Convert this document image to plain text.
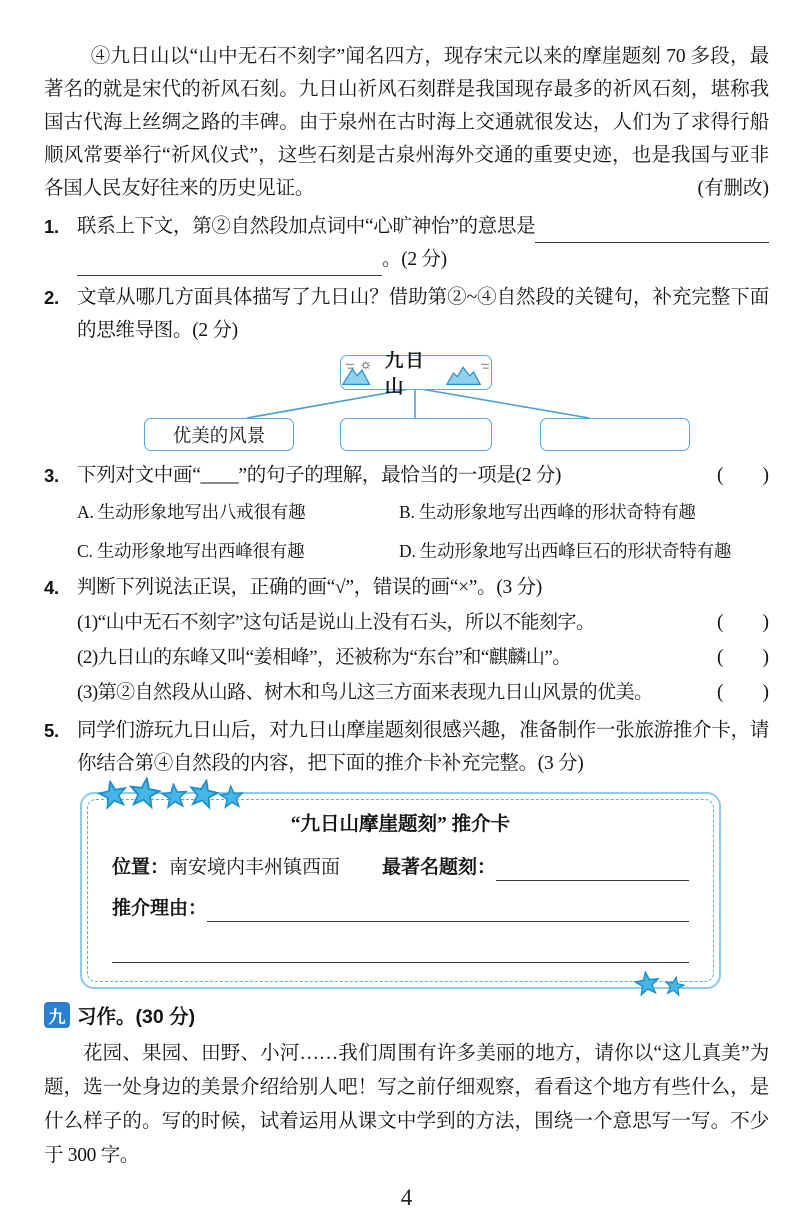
④九日山以“山中无石不刻字”闻名四方，现存宋元以来的摩崖题刻 70 多段，最著名的就是宋代的祈风石刻。九日山祈风石刻群是我国现存最多的祈风石刻，堪称我国古代海上丝绸之路的丰碑。由于泉州在古时海上交通就很发达，人们为了求得行船顺风常要举行“祈风仪式”，这些石刻是古泉州海外交通的重要史迹，也是我国与亚非各国人民友好往来的历史见证。	(有删改)
1. 联系上下文，第②自然段加点词中“心旷神怡”的意思是
。(2 分)
2. 文章从哪几方面具体描写了九日山？借助第②~④自然段的关键句，补充完整下面的思维导图。(2 分)
九日山
优美的风景
3. 下列对文中画“____”的句子的理解，最恰当的一项是(2 分)	(　　)
A. 生动形象地写出八戒很有趣	B. 生动形象地写出西峰的形状奇特有趣
C. 生动形象地写出西峰很有趣	D. 生动形象地写出西峰巨石的形状奇特有趣
4. 判断下列说法正误，正确的画“√”，错误的画“×”。(3 分)
(1)“山中无石不刻字”这句话是说山上没有石头，所以不能刻字。	(　　)
(2)九日山的东峰又叫“姜相峰”，还被称为“东台”和“麒麟山”。	(　　)
(3)第②自然段从山路、树木和鸟儿这三方面来表现九日山风景的优美。	(　　)
5. 同学们游玩九日山后，对九日山摩崖题刻很感兴趣，准备制作一张旅游推介卡，请你结合第④自然段的内容，把下面的推介卡补充完整。(3 分)
“九日山摩崖题刻” 推介卡
位置： 南安境内丰州镇西面 最著名题刻：
推介理由：
九 习作。(30 分)

花园、果园、田野、小河……我们周围有许多美丽的地方，请你以“这儿真美”为题，选一处身边的美景介绍给别人吧！写之前仔细观察，看看这个地方有些什么，是什么样子的。写的时候，试着运用从课文中学到的方法，围绕一个意思写一写。不少于 300 字。

4
